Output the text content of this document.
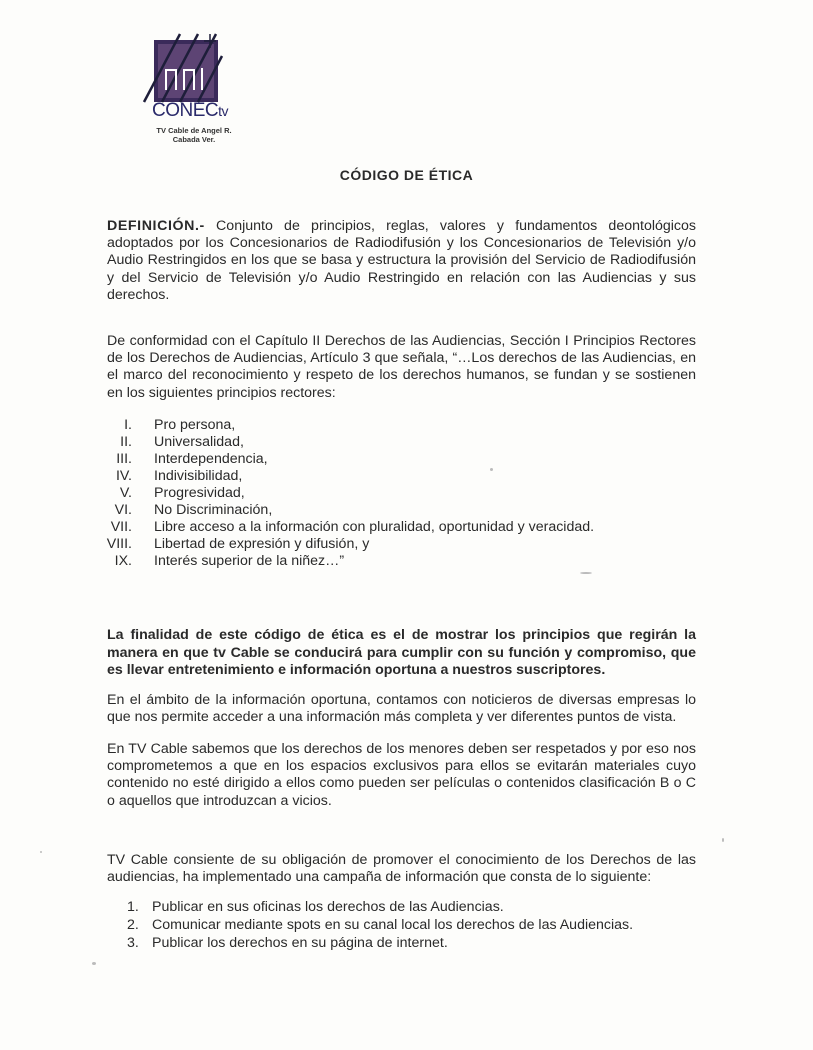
CONECtv
TV Cable de Angel R.
Cabada Ver.
CÓDIGO DE ÉTICA
DEFINICIÓN.- Conjunto de principios, reglas, valores y fundamentos deontológicos adoptados por los Concesionarios de Radiodifusión y los Concesionarios de Televisión y/o Audio Restringidos en los que se basa y estructura la provisión del Servicio de Radiodifusión y del Servicio de Televisión y/o Audio Restringido en relación con las Audiencias y sus derechos.
De conformidad con el Capítulo II Derechos de las Audiencias, Sección I Principios Rectores de los Derechos de Audiencias, Artículo 3 que señala, “…Los derechos de las Audiencias, en el marco del reconocimiento y respeto de los derechos humanos, se fundan y se sostienen en los siguientes principios rectores:
I. Pro persona,
II. Universalidad,
III. Interdependencia,
IV. Indivisibilidad,
V. Progresividad,
VI. No Discriminación,
VII. Libre acceso a la información con pluralidad, oportunidad y veracidad.
VIII. Libertad de expresión y difusión, y
IX. Interés superior de la niñez…”
La finalidad de este código de ética es el de mostrar los principios que regirán la manera en que tv Cable se conducirá para cumplir con su función y compromiso, que es llevar entretenimiento e información oportuna a nuestros suscriptores.
En el ámbito de la información oportuna, contamos con noticieros de diversas empresas lo que nos permite acceder a una información más completa y ver diferentes puntos de vista.
En TV Cable sabemos que los derechos de los menores deben ser respetados y por eso nos comprometemos a que en los espacios exclusivos para ellos se evitarán materiales cuyo contenido no esté dirigido a ellos como pueden ser películas o contenidos clasificación B o C o aquellos que introduzcan a vicios.
TV Cable consiente de su obligación de promover el conocimiento de los Derechos de las audiencias, ha implementado una campaña de información que consta de lo siguiente:
1. Publicar en sus oficinas los derechos de las Audiencias.
2. Comunicar mediante spots en su canal local los derechos de las Audiencias.
3. Publicar los derechos en su página de internet.
